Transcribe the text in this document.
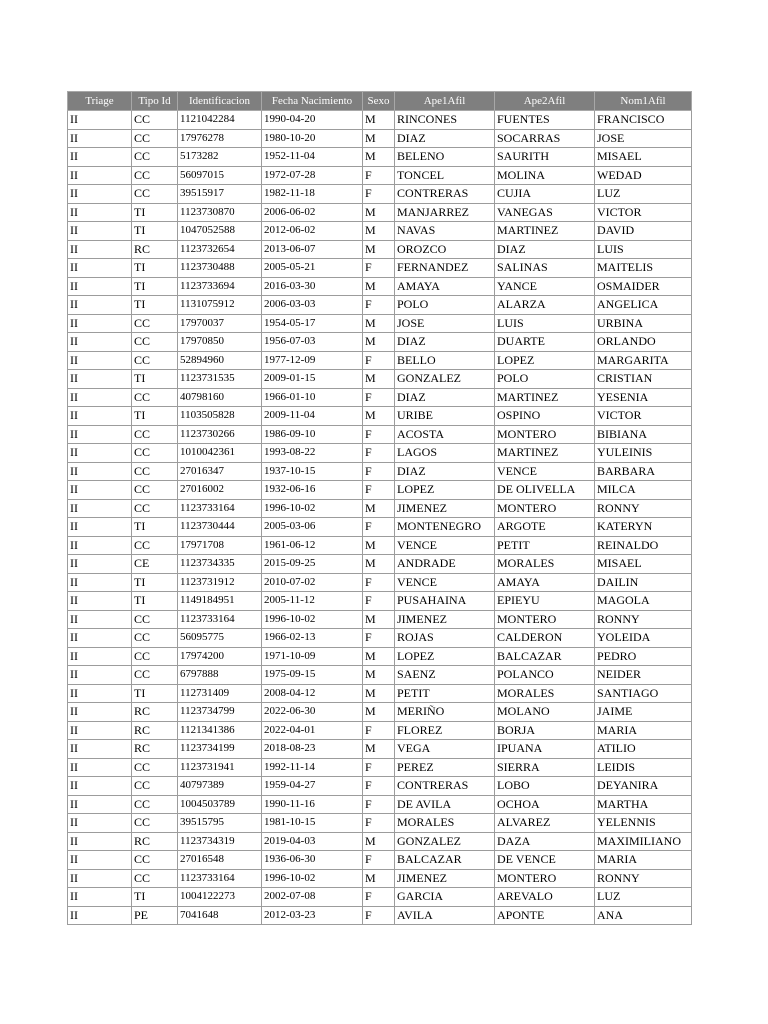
Triage	Tipo Id	Identificacion	Fecha Nacimiento	Sexo	Ape1Afil	Ape2Afil	Nom1Afil
II	CC	1121042284	1990-04-20	M	RINCONES	FUENTES	FRANCISCO
II	CC	17976278	1980-10-20	M	DIAZ	SOCARRAS	JOSE
II	CC	5173282	1952-11-04	M	BELENO	SAURITH	MISAEL
II	CC	56097015	1972-07-28	F	TONCEL	MOLINA	WEDAD
II	CC	39515917	1982-11-18	F	CONTRERAS	CUJIA	LUZ
II	TI	1123730870	2006-06-02	M	MANJARREZ	VANEGAS	VICTOR
II	TI	1047052588	2012-06-02	M	NAVAS	MARTINEZ	DAVID
II	RC	1123732654	2013-06-07	M	OROZCO	DIAZ	LUIS
II	TI	1123730488	2005-05-21	F	FERNANDEZ	SALINAS	MAITELIS
II	TI	1123733694	2016-03-30	M	AMAYA	YANCE	OSMAIDER
II	TI	1131075912	2006-03-03	F	POLO	ALARZA	ANGELICA
II	CC	17970037	1954-05-17	M	JOSE	LUIS	URBINA
II	CC	17970850	1956-07-03	M	DIAZ	DUARTE	ORLANDO
II	CC	52894960	1977-12-09	F	BELLO	LOPEZ	MARGARITA
II	TI	1123731535	2009-01-15	M	GONZALEZ	POLO	CRISTIAN
II	CC	40798160	1966-01-10	F	DIAZ	MARTINEZ	YESENIA
II	TI	1103505828	2009-11-04	M	URIBE	OSPINO	VICTOR
II	CC	1123730266	1986-09-10	F	ACOSTA	MONTERO	BIBIANA
II	CC	1010042361	1993-08-22	F	LAGOS	MARTINEZ	YULEINIS
II	CC	27016347	1937-10-15	F	DIAZ	VENCE	BARBARA
II	CC	27016002	1932-06-16	F	LOPEZ	DE OLIVELLA	MILCA
II	CC	1123733164	1996-10-02	M	JIMENEZ	MONTERO	RONNY
II	TI	1123730444	2005-03-06	F	MONTENEGRO	ARGOTE	KATERYN
II	CC	17971708	1961-06-12	M	VENCE	PETIT	REINALDO
II	CE	1123734335	2015-09-25	M	ANDRADE	MORALES	MISAEL
II	TI	1123731912	2010-07-02	F	VENCE	AMAYA	DAILIN
II	TI	1149184951	2005-11-12	F	PUSAHAINA	EPIEYU	MAGOLA
II	CC	1123733164	1996-10-02	M	JIMENEZ	MONTERO	RONNY
II	CC	56095775	1966-02-13	F	ROJAS	CALDERON	YOLEIDA
II	CC	17974200	1971-10-09	M	LOPEZ	BALCAZAR	PEDRO
II	CC	6797888	1975-09-15	M	SAENZ	POLANCO	NEIDER
II	TI	112731409	2008-04-12	M	PETIT	MORALES	SANTIAGO
II	RC	1123734799	2022-06-30	M	MERIÑO	MOLANO	JAIME
II	RC	1121341386	2022-04-01	F	FLOREZ	BORJA	MARIA
II	RC	1123734199	2018-08-23	M	VEGA	IPUANA	ATILIO
II	CC	1123731941	1992-11-14	F	PEREZ	SIERRA	LEIDIS
II	CC	40797389	1959-04-27	F	CONTRERAS	LOBO	DEYANIRA
II	CC	1004503789	1990-11-16	F	DE AVILA	OCHOA	MARTHA
II	CC	39515795	1981-10-15	F	MORALES	ALVAREZ	YELENNIS
II	RC	1123734319	2019-04-03	M	GONZALEZ	DAZA	MAXIMILIANO
II	CC	27016548	1936-06-30	F	BALCAZAR	DE VENCE	MARIA
II	CC	1123733164	1996-10-02	M	JIMENEZ	MONTERO	RONNY
II	TI	1004122273	2002-07-08	F	GARCIA	AREVALO	LUZ
II	PE	7041648	2012-03-23	F	AVILA	APONTE	ANA
